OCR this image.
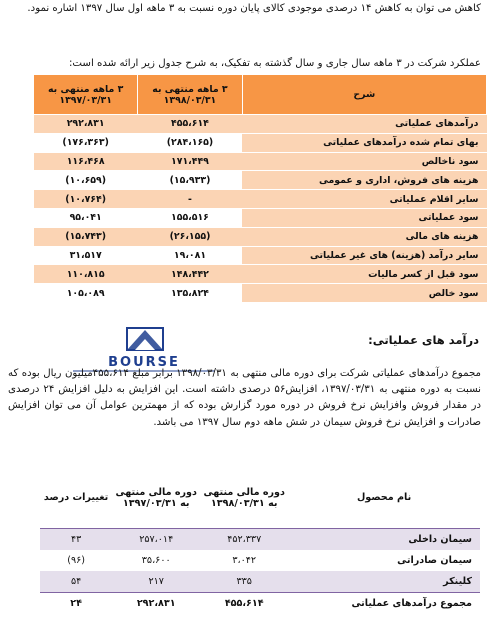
کاهش می توان به کاهش ۱۴ درصدی موجودی کالای پایان دوره نسبت به ۳ ماهه اول سال ۱۳۹۷ اشاره نمود.
عملکرد شرکت در ۳ ماهه سال جاری و سال گذشته به تفکیک، به شرح جدول زیر ارائه شده است:
شرح	۳ ماهه منتهی به ۱۳۹۸/۰۳/۳۱	۳ ماهه منتهی به ۱۳۹۷/۰۳/۳۱
درآمدهای عملیاتی	۴۵۵،۶۱۴	۲۹۲،۸۳۱
بهای تمام شده درآمدهای عملیاتی	(۲۸۴،۱۶۵)	(۱۷۶،۳۶۳)
سود ناخالص	۱۷۱،۴۴۹	۱۱۶،۴۶۸
هزینه های فروش، اداری و عمومی	(۱۵،۹۳۳)	(۱۰،۶۵۹)
سایر اقلام عملیاتی	-	(۱۰،۷۶۴)
سود عملیاتی	۱۵۵،۵۱۶	۹۵،۰۴۱
هزینه های مالی	(۲۶،۱۵۵)	(۱۵،۷۴۳)
سایر درآمد (هزینه) های غیر عملیاتی	۱۹،۰۸۱	۳۱،۵۱۷
سود قبل از کسر مالیات	۱۴۸،۴۴۲	۱۱۰،۸۱۵
سود خالص	۱۳۵،۸۲۴	۱۰۵،۰۸۹
درآمد های عملیاتی:
BOURSE
مجموع درآمدهای عملیاتی شرکت برای دوره مالی منتهی به ۱۳۹۸/۰۳/۳۱ برابر مبلغ ۴۵۵،۶۱۴میلیون ریال بوده که نسبت به دوره منتهی به ۱۳۹۷/۰۳/۳۱، افزایش۵۶ درصدی داشته است. این افزایش به دلیل افزایش ۲۴ درصدی در مقدار فروش وافزایش نرخ فروش در دوره مورد گزارش بوده که از مهمترین عوامل آن می توان افزایش صادرات و افزایش نرخ فروش سیمان در شش ماهه دوم سال ۱۳۹۷ می باشد.
نام محصول	دوره مالی منتهی به ۱۳۹۸/۰۳/۳۱	دوره مالی منتهی به ۱۳۹۷/۰۳/۳۱	تغییرات درصد
سیمان داخلی	۴۵۲،۳۳۷	۲۵۷،۰۱۴	۴۳
سیمان صادراتی	۳،۰۴۲	۳۵،۶۰۰	(۹۶)
کلینکر	۳۳۵	۲۱۷	۵۴
مجموع درآمدهای عملیاتی	۴۵۵،۶۱۴	۲۹۲،۸۳۱	۲۴
